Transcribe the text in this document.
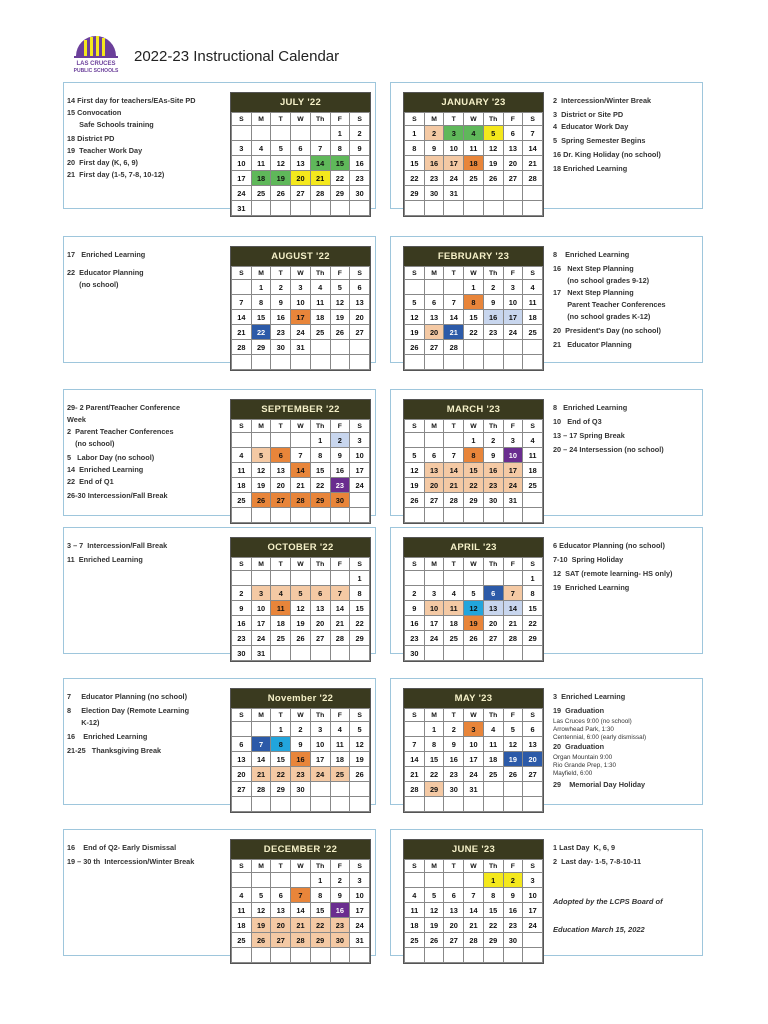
LAS CRUCES
PUBLIC SCHOOLS
2022-23 Instructional Calendar
14 First day for teachers/EAs-Site PD
15 Convocation
Safe Schools training
18 District PD
19  Teacher Work Day
20  First day (K, 6, 9)
21  First day (1-5, 7-8, 10-12)
JULY '22
S	M	T	W	Th	F	S
					1	2
3	4	5	6	7	8	9
10	11	12	13	14	15	16
17	18	19	20	21	22	23
24	25	26	27	28	29	30
31						
2  Intercession/Winter Break
3  District or Site PD
4  Educator Work Day
5  Spring Semester Begins
16 Dr. King Holiday (no school)
18 Enriched Learning
JANUARY '23
S	M	T	W	Th	F	S
1	2	3	4	5	6	7
8	9	10	11	12	13	14
15	16	17	18	19	20	21
22	23	24	25	26	27	28
29	30	31				

17   Enriched Learning
22  Educator Planning
(no school)
AUGUST '22
S	M	T	W	Th	F	S
	1	2	3	4	5	6
7	8	9	10	11	12	13
14	15	16	17	18	19	20
21	22	23	24	25	26	27
28	29	30	31			

8    Enriched Learning
16   Next Step Planning
(no school grades 9-12)
17   Next Step Planning
Parent Teacher Conferences
(no school grades K-12)
20  President's Day (no school)
21   Educator Planning
FEBRUARY '23
S	M	T	W	Th	F	S
			1	2	3	4
5	6	7	8	9	10	11
12	13	14	15	16	17	18
19	20	21	22	23	24	25
26	27	28				

29- 2 Parent/Teacher Conference
Week
2  Parent Teacher Conferences
(no school)
5   Labor Day (no school)
14  Enriched Learning
22  End of Q1
26-30 Intercession/Fall Break
SEPTEMBER '22
S	M	T	W	Th	F	S
				1	2	3
4	5	6	7	8	9	10
11	12	13	14	15	16	17
18	19	20	21	22	23	24
25	26	27	28	29	30	

8   Enriched Learning
10   End of Q3
13 – 17 Spring Break
20 – 24 Intersession (no school)
MARCH '23
S	M	T	W	Th	F	S
			1	2	3	4
5	6	7	8	9	10	11
12	13	14	15	16	17	18
19	20	21	22	23	24	25
26	27	28	29	30	31	

3 – 7  Intercession/Fall Break
11  Enriched Learning
OCTOBER '22
S	M	T	W	Th	F	S
						1
2	3	4	5	6	7	8
9	10	11	12	13	14	15
16	17	18	19	20	21	22
23	24	25	26	27	28	29
30	31					
6 Educator Planning (no school)
7-10  Spring Holiday
12  SAT (remote learning- HS only)
19  Enriched Learning
APRIL '23
S	M	T	W	Th	F	S
						1
2	3	4	5	6	7	8
9	10	11	12	13	14	15
16	17	18	19	20	21	22
23	24	25	26	27	28	29
30						
7     Educator Planning (no school)
8     Election Day (Remote Learning
K-12)
16    Enriched Learning
21-25   Thanksgiving Break
November '22
S	M	T	W	Th	F	S
		1	2	3	4	5
6	7	8	9	10	11	12
13	14	15	16	17	18	19
20	21	22	23	24	25	26
27	28	29	30			

3  Enriched Learning
19  Graduation
Las Cruces 9:00 (no school)
Arrowhead Park, 1:30
Centennial, 6:00 (early dismissal)
20  Graduation
Organ Mountain 9:00
Rio Grande Prep, 1:30
Mayfield, 6:00
29    Memorial Day Holiday
MAY '23
S	M	T	W	Th	F	S
	1	2	3	4	5	6
7	8	9	10	11	12	13
14	15	16	17	18	19	20
21	22	23	24	25	26	27
28	29	30	31			

16    End of Q2- Early Dismissal
19 – 30 th  Intercession/Winter Break
DECEMBER '22
S	M	T	W	Th	F	S
				1	2	3
4	5	6	7	8	9	10
11	12	13	14	15	16	17
18	19	20	21	22	23	24
25	26	27	28	29	30	31

1 Last Day  K, 6, 9
2  Last day- 1-5, 7-8-10-11
Adopted by the LCPS Board of
Education March 15, 2022
JUNE '23
S	M	T	W	Th	F	S
				1	2	3
4	5	6	7	8	9	10
11	12	13	14	15	16	17
18	19	20	21	22	23	24
25	26	27	28	29	30	
